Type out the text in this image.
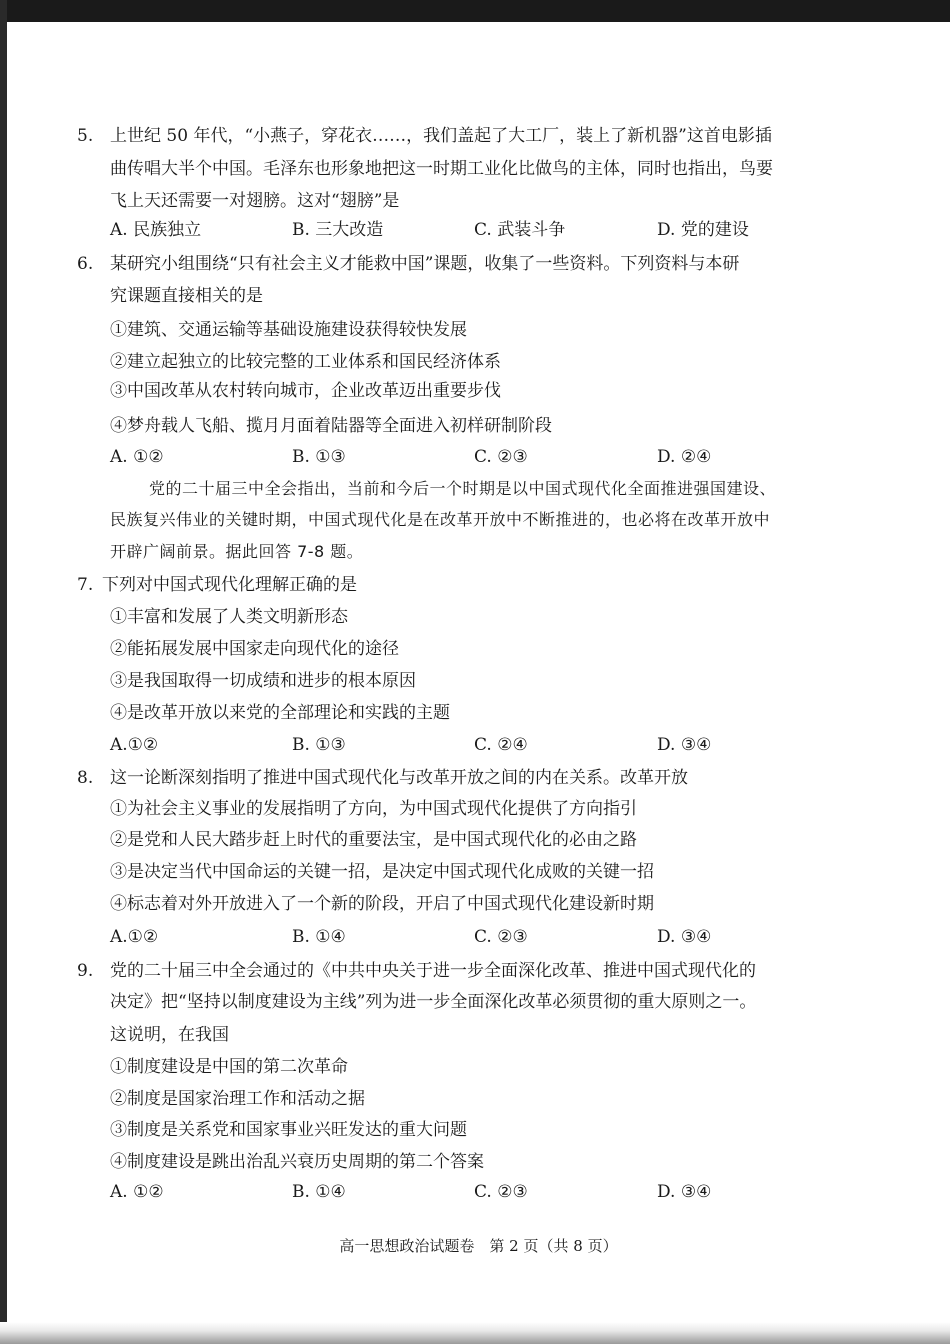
5. 上世纪 50 年代，“小燕子，穿花衣……，我们盖起了大工厂，装上了新机器”这首电影插
曲传唱大半个中国。毛泽东也形象地把这一时期工业化比做鸟的主体，同时也指出，鸟要
飞上天还需要一对翅膀。这对“翅膀”是
A. 民族独立	B. 三大改造	C. 武装斗争	D. 党的建设
6. 某研究小组围绕“只有社会主义才能救中国”课题，收集了一些资料。下列资料与本研
究课题直接相关的是
①建筑、交通运输等基础设施建设获得较快发展
②建立起独立的比较完整的工业体系和国民经济体系
③中国改革从农村转向城市，企业改革迈出重要步伐
④梦舟载人飞船、揽月月面着陆器等全面进入初样研制阶段
A. ①②	B. ①③	C. ②③	D. ②④
党的二十届三中全会指出，当前和今后一个时期是以中国式现代化全面推进强国建设、
民族复兴伟业的关键时期，中国式现代化是在改革开放中不断推进的，也必将在改革开放中
开辟广阔前景。据此回答 7-8 题。
7. 下列对中国式现代化理解正确的是
①丰富和发展了人类文明新形态
②能拓展发展中国家走向现代化的途径
③是我国取得一切成绩和进步的根本原因
④是改革开放以来党的全部理论和实践的主题
A.①②	B. ①③	C. ②④	D. ③④
8. 这一论断深刻指明了推进中国式现代化与改革开放之间的内在关系。改革开放
①为社会主义事业的发展指明了方向，为中国式现代化提供了方向指引
②是党和人民大踏步赶上时代的重要法宝，是中国式现代化的必由之路
③是决定当代中国命运的关键一招，是决定中国式现代化成败的关键一招
④标志着对外开放进入了一个新的阶段，开启了中国式现代化建设新时期
A.①②	B. ①④	C. ②③	D. ③④
9. 党的二十届三中全会通过的《中共中央关于进一步全面深化改革、推进中国式现代化的
决定》把“坚持以制度建设为主线”列为进一步全面深化改革必须贯彻的重大原则之一。
这说明，在我国
①制度建设是中国的第二次革命
②制度是国家治理工作和活动之据
③制度是关系党和国家事业兴旺发达的重大问题
④制度建设是跳出治乱兴衰历史周期的第二个答案
A. ①②	B. ①④	C. ②③	D. ③④
高一思想政治试题卷　第 2 页（共 8 页）
